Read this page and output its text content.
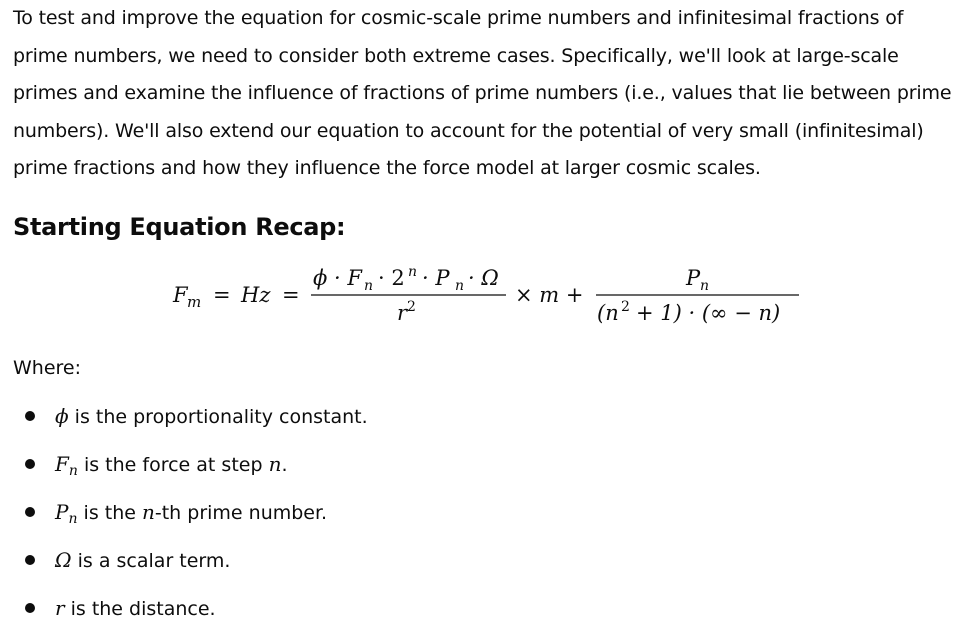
To test and improve the equation for cosmic-scale prime numbers and infinitesimal fractions of prime numbers, we need to consider both extreme cases. Specifically, we'll look at large-scale primes and examine the influence of fractions of prime numbers (i.e., values that lie between prime numbers). We'll also extend our equation to account for the potential of very small (infinitesimal) prime fractions and how they influence the force model at larger cosmic scales.

Starting Equation Recap:
F m = Hz =
ϕ · F n · 2 n · P n · Ω
r 2	× m +
P n
(n 2 + 1) · (∞ − n)

Where:

ϕ is the proportionality constant.
$F_n$ is the force at step n.
$P_n$ is the n-th prime number.
Ω is a scalar term.
r is the distance.
